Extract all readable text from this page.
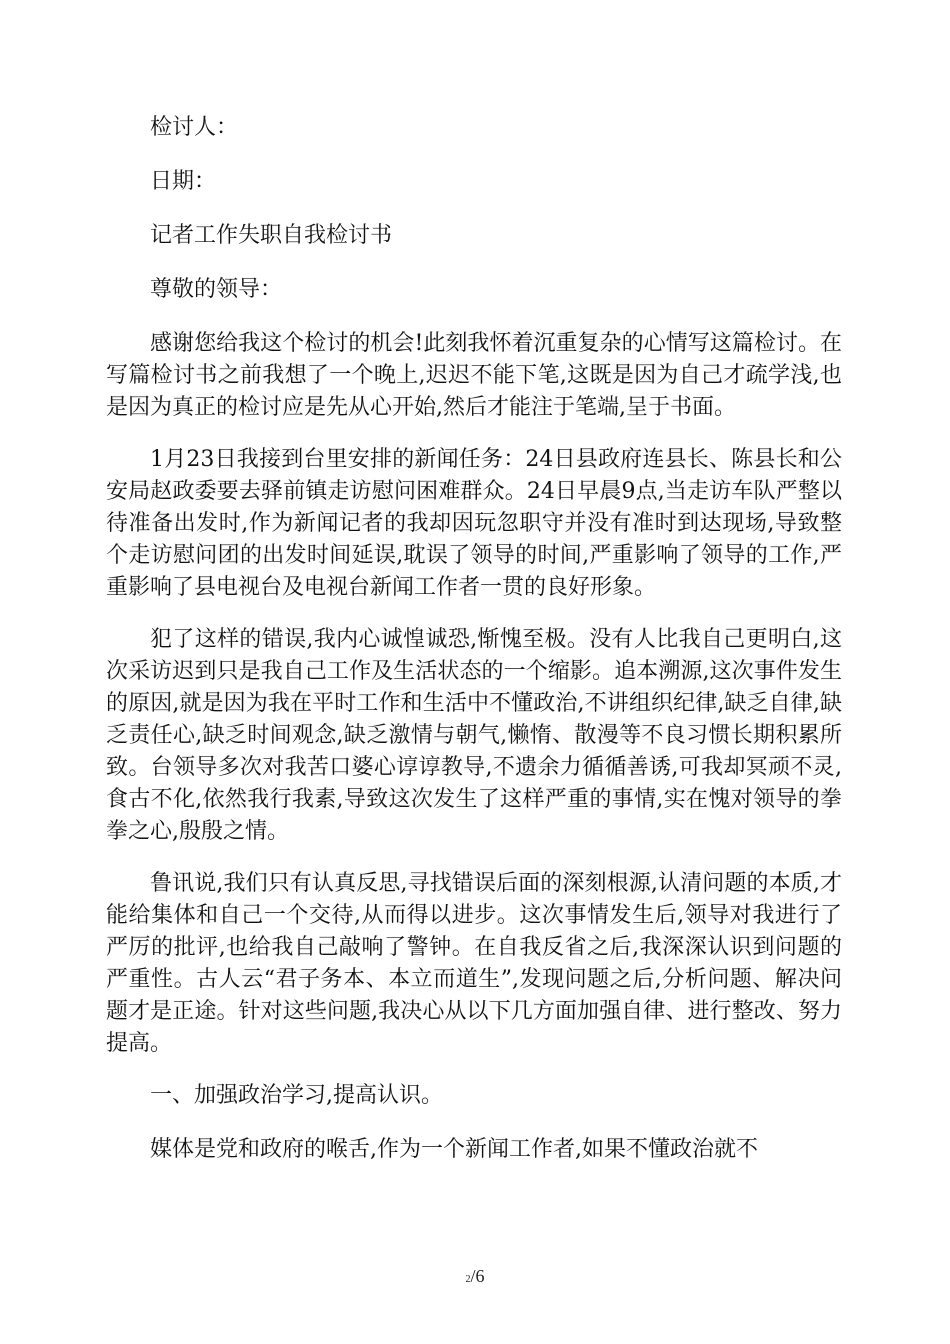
检讨人：
日期：
记者工作失职自我检讨书
尊敬的领导：
感谢您给我这个检讨的机会!此刻我怀着沉重复杂的心情写这篇检讨。在写篇检讨书之前我想了一个晚上,迟迟不能下笔,这既是因为自己才疏学浅,也是因为真正的检讨应是先从心开始,然后才能注于笔端,呈于书面。
1月23日我接到台里安排的新闻任务：24日县政府连县长、陈县长和公安局赵政委要去驿前镇走访慰问困难群众。24日早晨9点,当走访车队严整以待准备出发时,作为新闻记者的我却因玩忽职守并没有准时到达现场,导致整个走访慰问团的出发时间延误,耽误了领导的时间,严重影响了领导的工作,严重影响了县电视台及电视台新闻工作者一贯的良好形象。
犯了这样的错误,我内心诚惶诚恐,惭愧至极。没有人比我自己更明白,这次采访迟到只是我自己工作及生活状态的一个缩影。追本溯源,这次事件发生的原因,就是因为我在平时工作和生活中不懂政治,不讲组织纪律,缺乏自律,缺乏责任心,缺乏时间观念,缺乏激情与朝气,懒惰、散漫等不良习惯长期积累所致。台领导多次对我苦口婆心谆谆教导,不遗余力循循善诱,可我却冥顽不灵,食古不化,依然我行我素,导致这次发生了这样严重的事情,实在愧对领导的拳拳之心,殷殷之情。
鲁讯说,我们只有认真反思,寻找错误后面的深刻根源,认清问题的本质,才能给集体和自己一个交待,从而得以进步。这次事情发生后,领导对我进行了严厉的批评,也给我自己敲响了警钟。在自我反省之后,我深深认识到问题的严重性。古人云“君子务本、本立而道生”,发现问题之后,分析问题、解决问题才是正途。针对这些问题,我决心从以下几方面加强自律、进行整改、努力提高。
一、加强政治学习,提高认识。
媒体是党和政府的喉舌,作为一个新闻工作者,如果不懂政治就不
2/6
